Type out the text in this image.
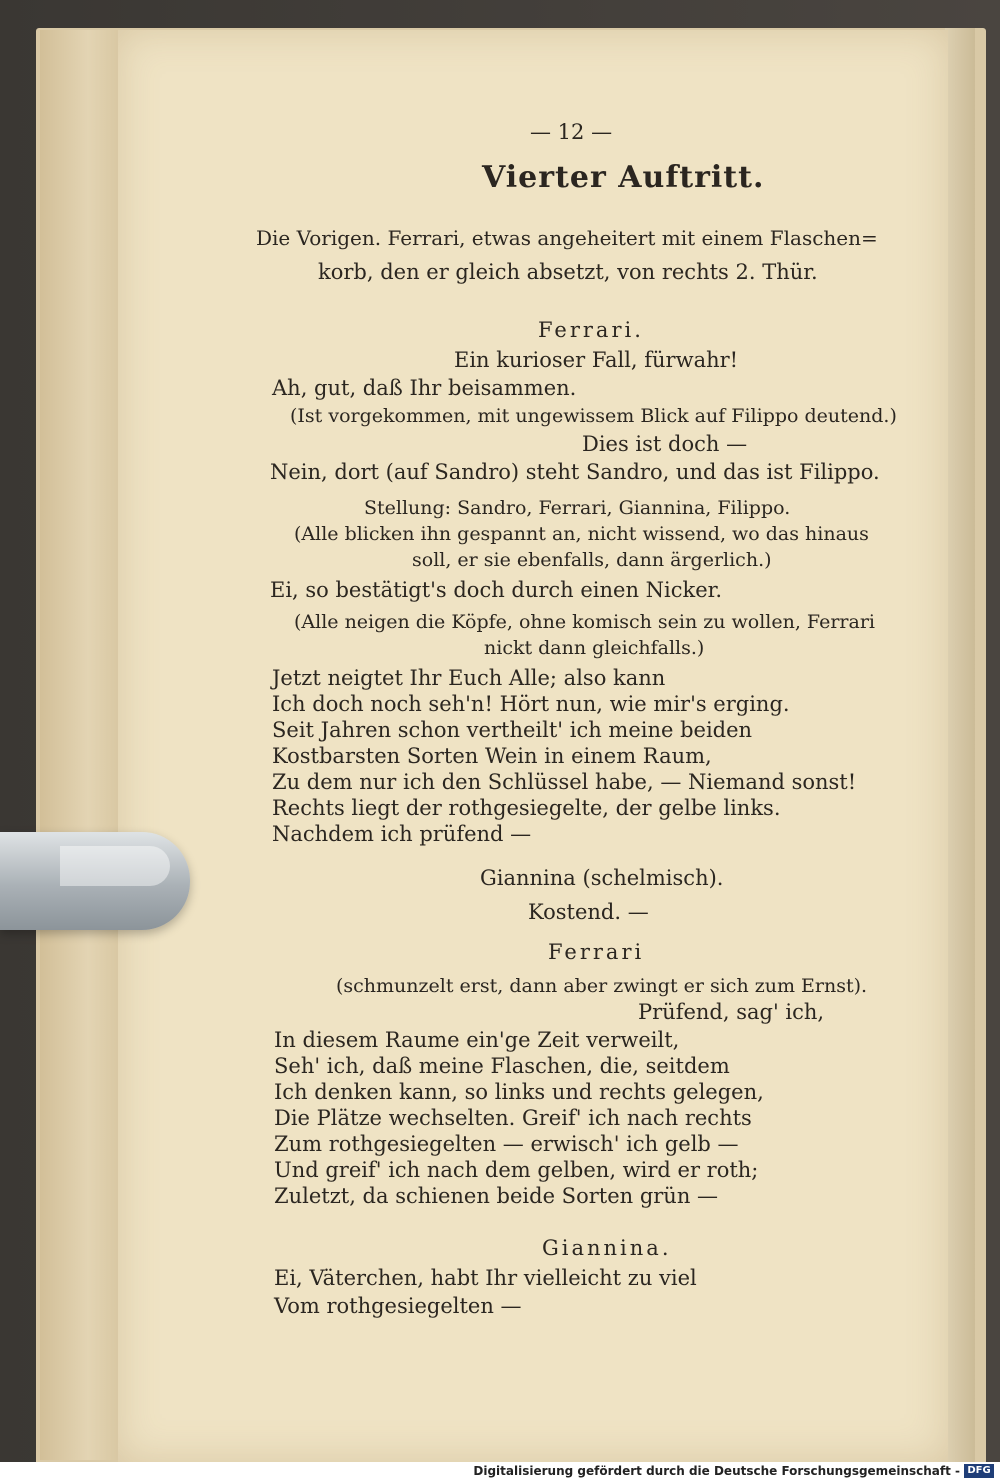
— 12 —
Vierter Auftritt.
Die Vorigen. Ferrari, etwas angeheitert mit einem Flaschen=
korb, den er gleich absetzt, von rechts 2. Thür.
Ferrari.
Ein kurioser Fall, fürwahr!
Ah, gut, daß Ihr beisammen.
(Ist vorgekommen, mit ungewissem Blick auf Filippo deutend.)
Dies ist doch —
Nein, dort (auf Sandro) steht Sandro, und das ist Filippo.
Stellung: Sandro, Ferrari, Giannina, Filippo.
(Alle blicken ihn gespannt an, nicht wissend, wo das hinaus
soll, er sie ebenfalls, dann ärgerlich.)
Ei, so bestätigt's doch durch einen Nicker.
(Alle neigen die Köpfe, ohne komisch sein zu wollen, Ferrari
nickt dann gleichfalls.)
Jetzt neigtet Ihr Euch Alle; also kann
Ich doch noch seh'n! Hört nun, wie mir's erging.
Seit Jahren schon vertheilt' ich meine beiden
Kostbarsten Sorten Wein in einem Raum,
Zu dem nur ich den Schlüssel habe, — Niemand sonst!
Rechts liegt der rothgesiegelte, der gelbe links.
Nachdem ich prüfend —
Giannina (schelmisch).
Kostend. —
Ferrari
(schmunzelt erst, dann aber zwingt er sich zum Ernst).
Prüfend, sag' ich,
In diesem Raume ein'ge Zeit verweilt,
Seh' ich, daß meine Flaschen, die, seitdem
Ich denken kann, so links und rechts gelegen,
Die Plätze wechselten. Greif' ich nach rechts
Zum rothgesiegelten — erwisch' ich gelb —
Und greif' ich nach dem gelben, wird er roth;
Zuletzt, da schienen beide Sorten grün —
Giannina.
Ei, Väterchen, habt Ihr vielleicht zu viel
Vom rothgesiegelten —
Digitalisierung gefördert durch die Deutsche Forschungsgemeinschaft - DFG
